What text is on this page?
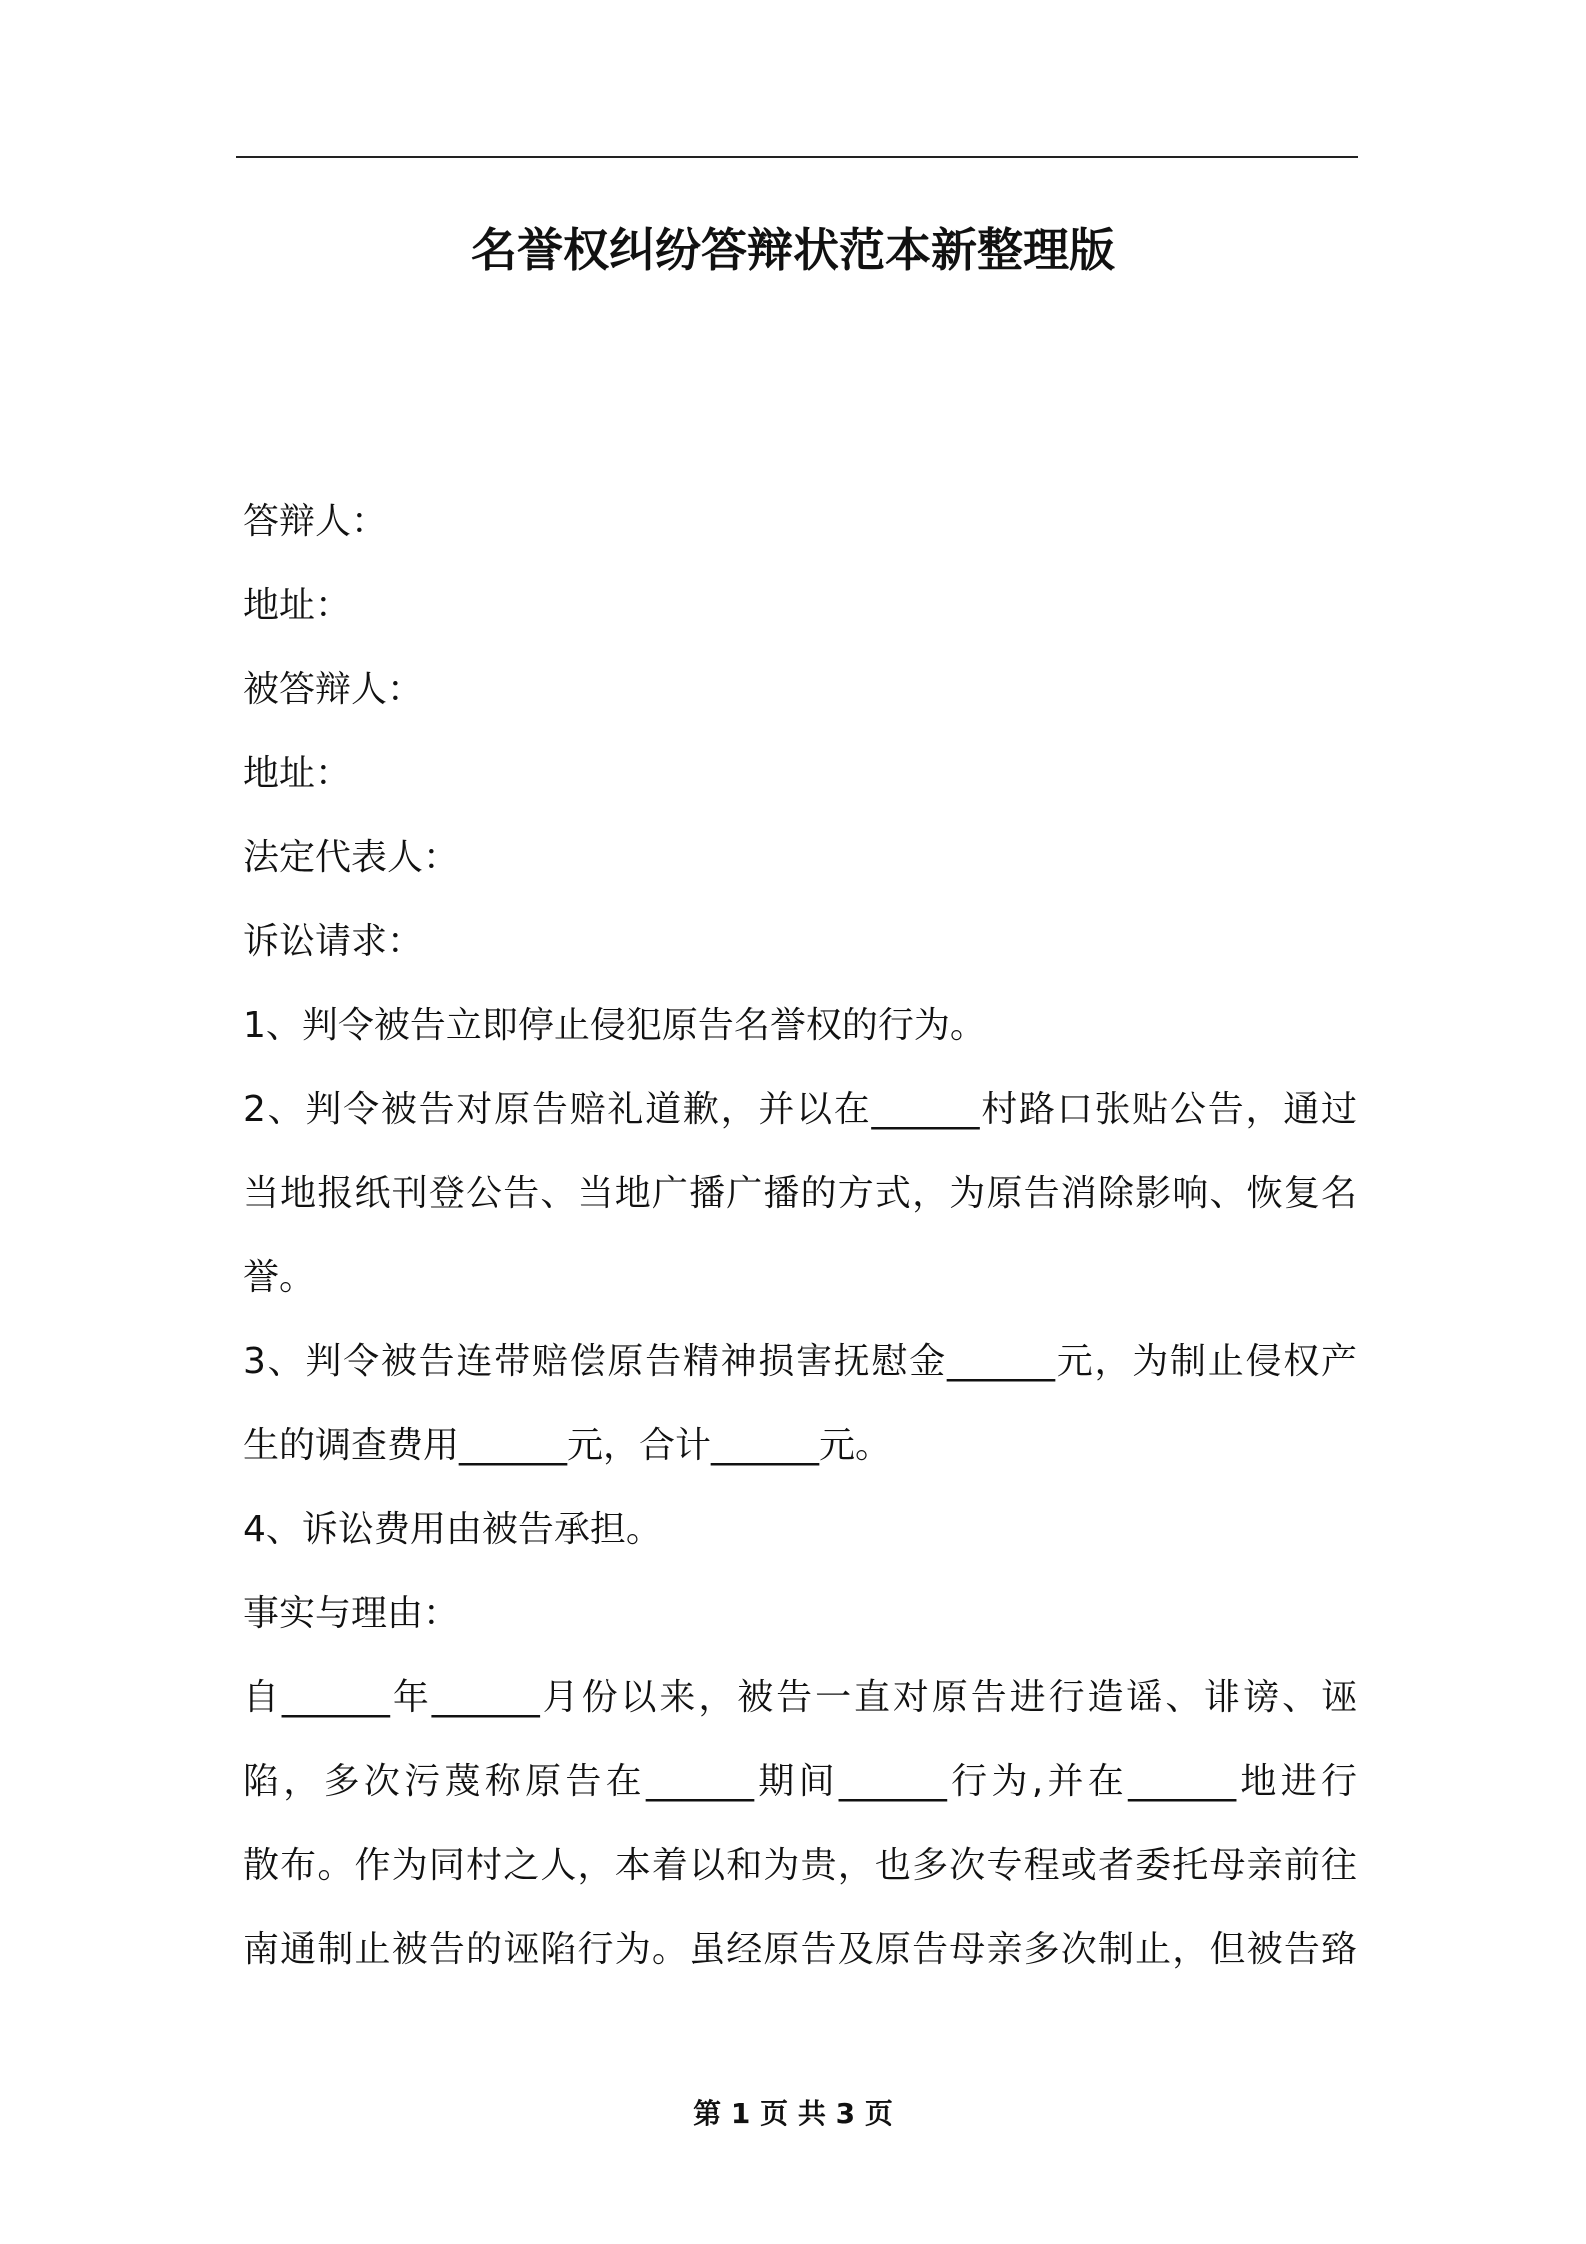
名誉权纠纷答辩状范本新整理版
答辩人：
地址：
被答辩人：
地址：
法定代表人：
诉讼请求：
1、判令被告立即停止侵犯原告名誉权的行为。
2、判令被告对原告赔礼道歉，并以在______村路口张贴公告，通过
当地报纸刊登公告、当地广播广播的方式，为原告消除影响、恢复名
誉。
3、判令被告连带赔偿原告精神损害抚慰金______元，为制止侵权产
生的调查费用______元，合计______元。
4、诉讼费用由被告承担。
事实与理由：
自______年______月份以来，被告一直对原告进行造谣、诽谤、诬
陷，多次污蔑称原告在______期间______行为,并在______地进行
散布。作为同村之人，本着以和为贵，也多次专程或者委托母亲前往
南通制止被告的诬陷行为。虽经原告及原告母亲多次制止，但被告臵
第 1 页 共 3 页
